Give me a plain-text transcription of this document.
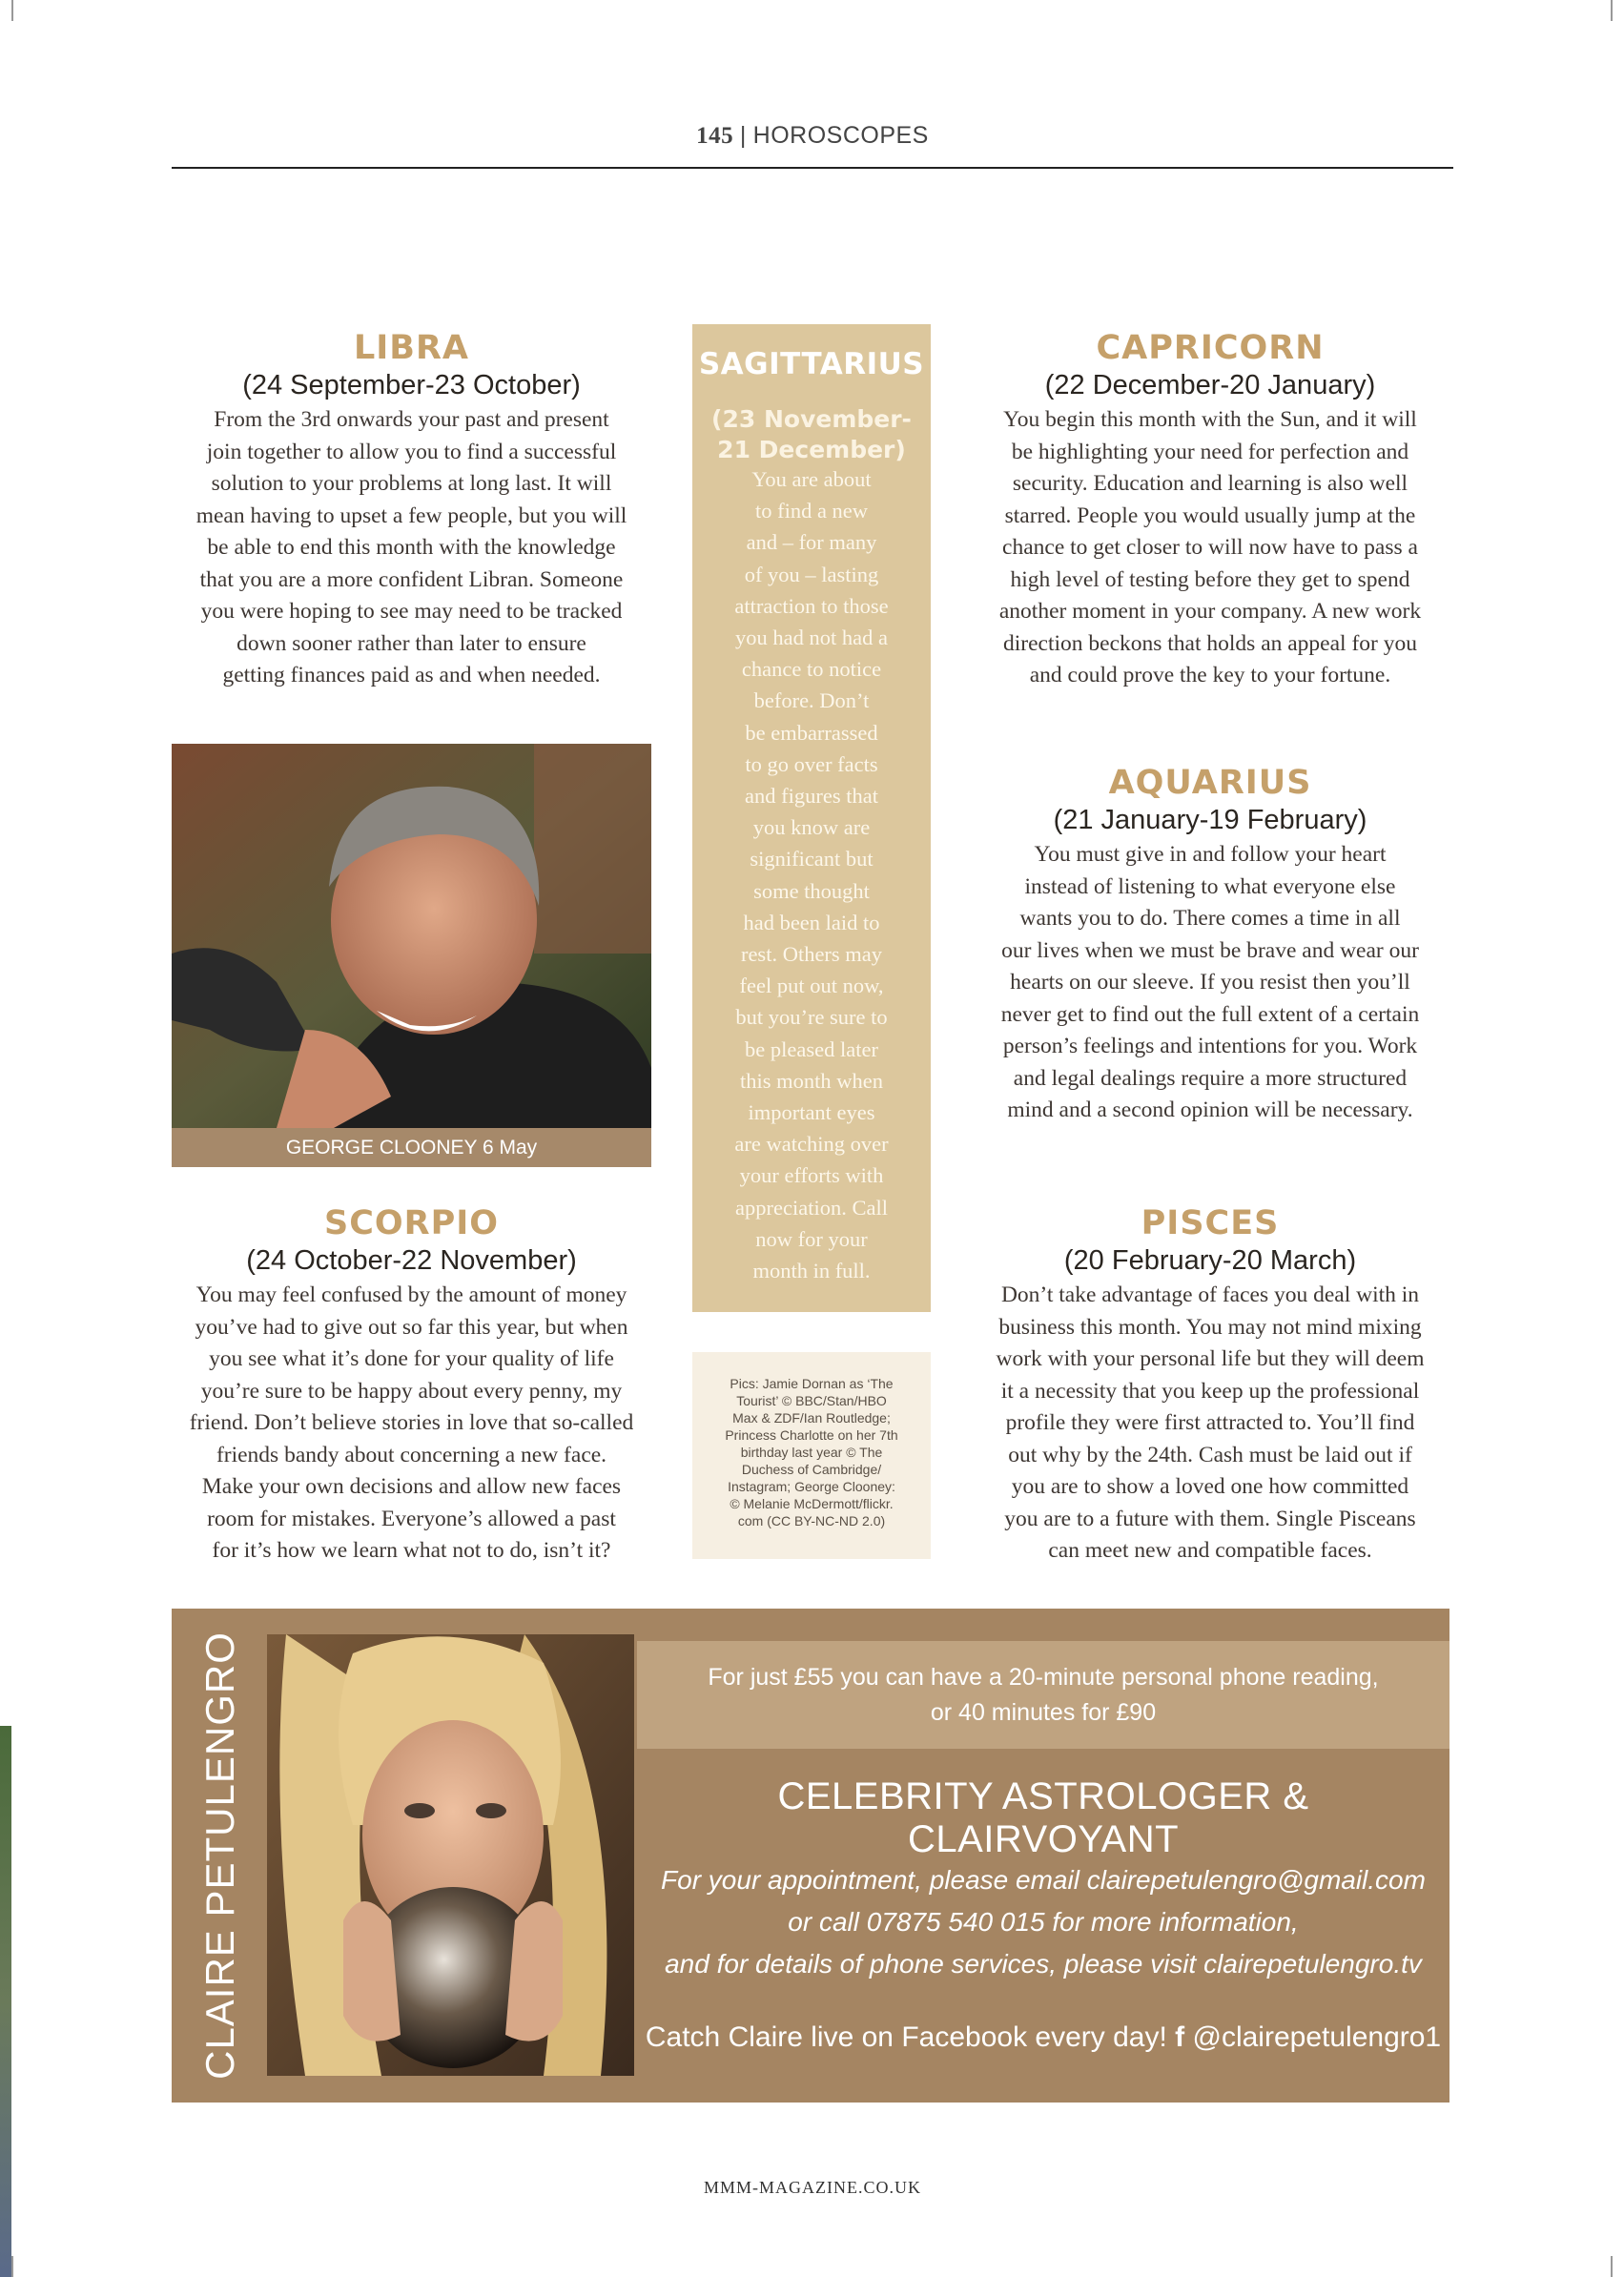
145 | HOROSCOPES
LIBRA
(24 September-23 October)
From the 3rd onwards your past and present
join together to allow you to find a successful
solution to your problems at long last. It will
mean having to upset a few people, but you will
be able to end this month with the knowledge
that you are a more confident Libran. Someone
you were hoping to see may need to be tracked
down sooner rather than later to ensure
getting finances paid as and when needed.
GEORGE CLOONEY 6 May
SCORPIO
(24 October-22 November)
You may feel confused by the amount of money
you’ve had to give out so far this year, but when
you see what it’s done for your quality of life
you’re sure to be happy about every penny, my
friend. Don’t believe stories in love that so-called
friends bandy about concerning a new face.
Make your own decisions and allow new faces
room for mistakes. Everyone’s allowed a past
for it’s how we learn what not to do, isn’t it?
SAGITTARIUS
(23 November-
21 December)
You are about
to find a new
and – for many
of you – lasting
attraction to those
you had not had a
chance to notice
before. Don’t
be embarrassed
to go over facts
and figures that
you know are
significant but
some thought
had been laid to
rest. Others may
feel put out now,
but you’re sure to
be pleased later
this month when
important eyes
are watching over
your efforts with
appreciation. Call
now for your
month in full.
Pics: Jamie Dornan as ‘The
Tourist’ © BBC/Stan/HBO
Max & ZDF/Ian Routledge;
Princess Charlotte on her 7th
birthday last year © The
Duchess of Cambridge/
Instagram; George Clooney:
© Melanie McDermott/flickr.
com (CC BY-NC-ND 2.0)
CAPRICORN
(22 December-20 January)
You begin this month with the Sun, and it will
be highlighting your need for perfection and
security. Education and learning is also well
starred. People you would usually jump at the
chance to get closer to will now have to pass a
high level of testing before they get to spend
another moment in your company. A new work
direction beckons that holds an appeal for you
and could prove the key to your fortune.
AQUARIUS
(21 January-19 February)
You must give in and follow your heart
instead of listening to what everyone else
wants you to do. There comes a time in all
our lives when we must be brave and wear our
hearts on our sleeve. If you resist then you’ll
never get to find out the full extent of a certain
person’s feelings and intentions for you. Work
and legal dealings require a more structured
mind and a second opinion will be necessary.
PISCES
(20 February-20 March)
Don’t take advantage of faces you deal with in
business this month. You may not mind mixing
work with your personal life but they will deem
it a necessity that you keep up the professional
profile they were first attracted to. You’ll find
out why by the 24th. Cash must be laid out if
you are to show a loved one how committed
you are to a future with them. Single Pisceans
can meet new and compatible faces.
CLAIRE PETULENGRO	For just £55 you can have a 20-minute personal phone reading,
or 40 minutes for £90

CELEBRITY ASTROLOGER & CLAIRVOYANT
For your appointment, please email clairepetulengro@gmail.com
or call 07875 540 015 for more information,
and for details of phone services, please visit clairepetulengro.tv
Catch Claire live on Facebook every day! f @clairepetulengro1
MMM-MAGAZINE.CO.UK
